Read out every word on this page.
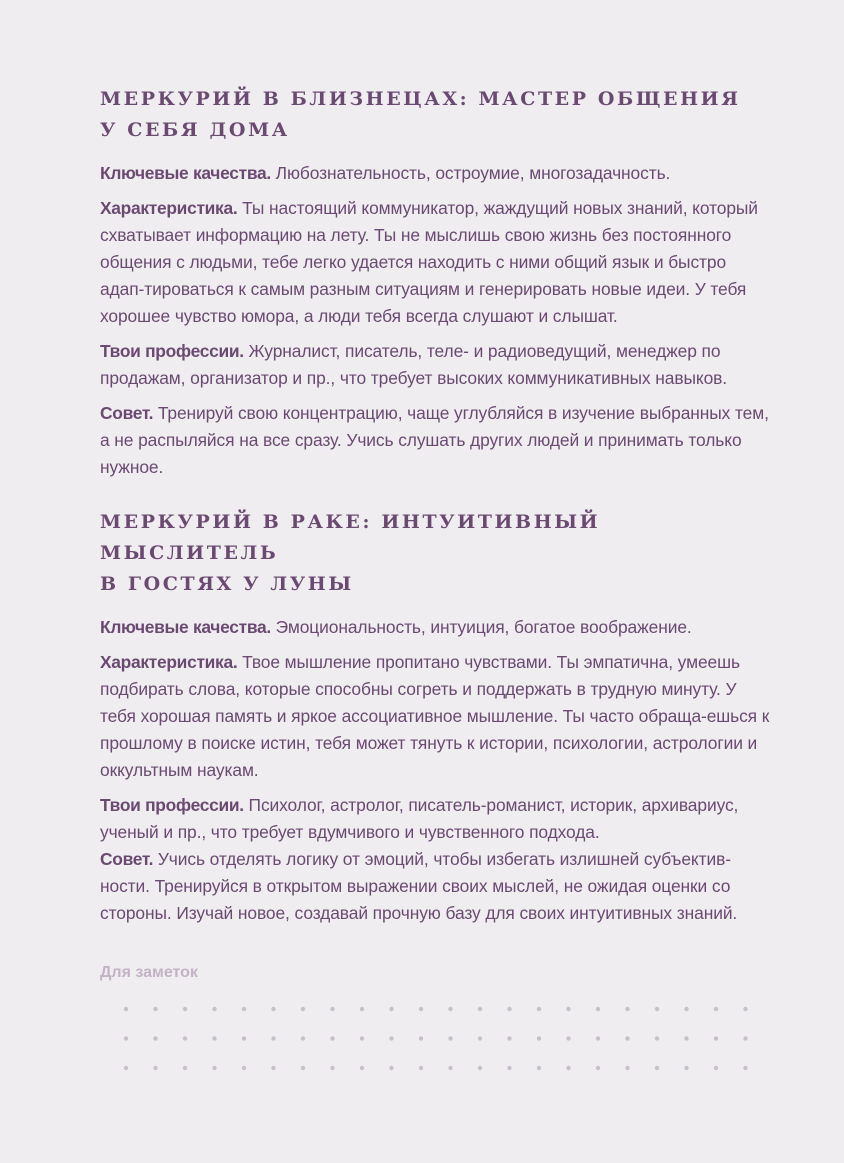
МЕРКУРИЙ В БЛИЗНЕЦАХ: МАСТЕР ОБЩЕНИЯ
У СЕБЯ ДОМА

Ключевые качества. Любознательность, остроумие, многозадачность.

Характеристика. Ты настоящий коммуникатор, жаждущий новых знаний, который схватывает информацию на лету. Ты не мыслишь свою жизнь без постоянного общения с людьми, тебе легко удается находить с ними общий язык и быстро адап-тироваться к самым разным ситуациям и генерировать новые идеи. У тебя хорошее чувство юмора, а люди тебя всегда слушают и слышат.

Твои профессии. Журналист, писатель, теле- и радиоведущий, менеджер по продажам, организатор и пр., что требует высоких коммуникативных навыков.

Совет. Тренируй свою концентрацию, чаще углубляйся в изучение выбранных тем, а не распыляйся на все сразу. Учись слушать других людей и принимать только нужное.

МЕРКУРИЙ В РАКЕ: ИНТУИТИВНЫЙ МЫСЛИТЕЛЬ
В ГОСТЯХ У ЛУНЫ

Ключевые качества. Эмоциональность, интуиция, богатое воображение.

Характеристика. Твое мышление пропитано чувствами. Ты эмпатична, умеешь подбирать слова, которые способны согреть и поддержать в трудную минуту. У тебя хорошая память и яркое ассоциативное мышление. Ты часто обраща-ешься к прошлому в поиске истин, тебя может тянуть к истории, психологии, астрологии и оккультным наукам.

Твои профессии. Психолог, астролог, писатель-романист, историк, архивариус, ученый и пр., что требует вдумчивого и чувственного подхода.

Совет. Учись отделять логику от эмоций, чтобы избегать излишней субъектив-ности. Тренируйся в открытом выражении своих мыслей, не ожидая оценки со стороны. Изучай новое, создавай прочную базу для своих интуитивных знаний.

Для заметок
